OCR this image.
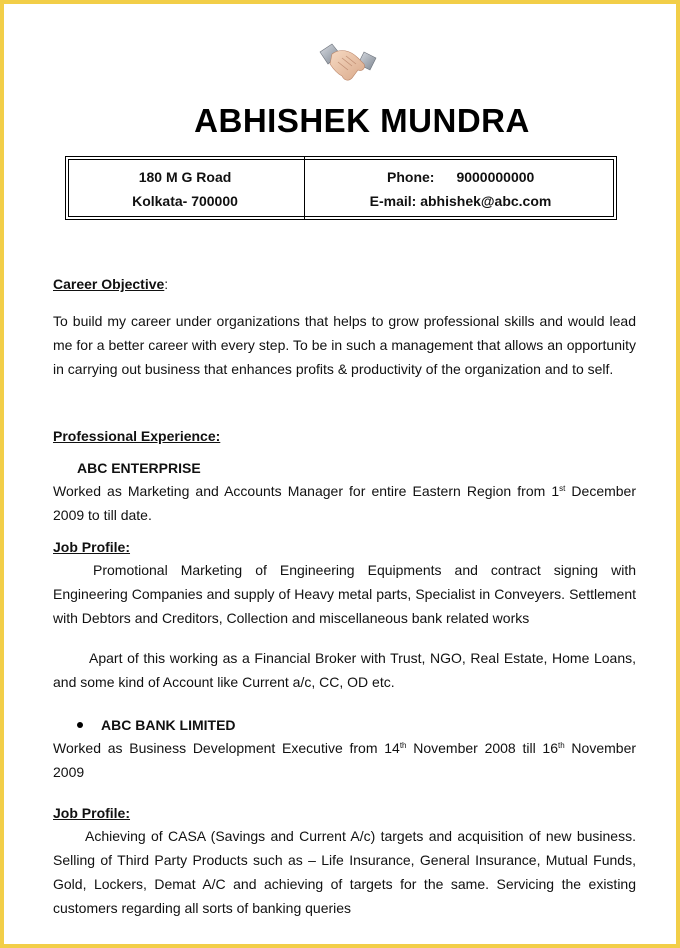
ABHISHEK MUNDRA
180 M G Road
Kolkata- 700000
Phone: 9000000000
E-mail: abhishek@abc.com
Career Objective:

To build my career under organizations that helps to grow professional skills and would lead me for a better career with every step. To be in such a management that allows an opportunity in carrying out business that enhances profits & productivity of the organization and to self.

Professional Experience:
ABC ENTERPRISE

Worked as Marketing and Accounts Manager for entire Eastern Region from 1st December 2009 to till date.

Job Profile:

Promotional Marketing of Engineering Equipments and contract signing with Engineering Companies and supply of Heavy metal parts, Specialist in Conveyers. Settlement with Debtors and Creditors, Collection and miscellaneous bank related works

Apart of this working as a Financial Broker with Trust, NGO, Real Estate, Home Loans, and some kind of Account like Current a/c, CC, OD etc.

ABC BANK LIMITED

Worked as Business Development Executive from 14th November 2008 till 16th November 2009

Job Profile:

Achieving of CASA (Savings and Current A/c) targets and acquisition of new business. Selling of Third Party Products such as – Life Insurance, General Insurance, Mutual Funds, Gold, Lockers, Demat A/C and achieving of targets for the same. Servicing the existing customers regarding all sorts of banking queries
